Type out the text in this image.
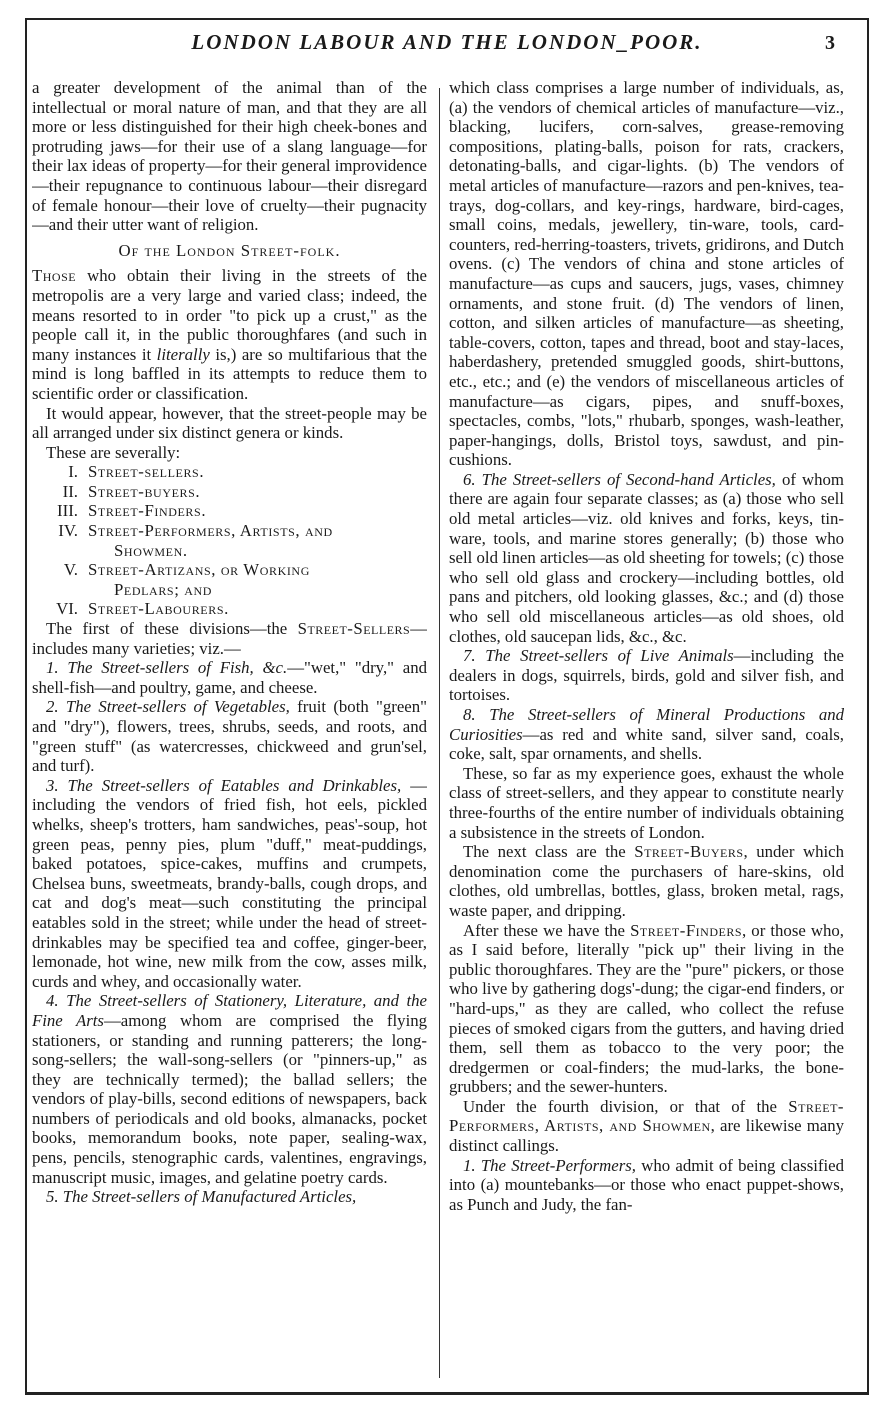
LONDON LABOUR AND THE LONDON_POOR.	3

a greater development of the animal than of the intellectual or moral nature of man, and that they are all more or less distinguished for their high cheek-bones and protruding jaws—for their use of a slang language—for their lax ideas of property—for their general improvidence—their repugnance to continuous labour—their disregard of female honour—their love of cruelty—their pugnacity—and their utter want of religion.

Of the London Street-folk.

Those who obtain their living in the streets of the metropolis are a very large and varied class; indeed, the means resorted to in order "to pick up a crust," as the people call it, in the public thoroughfares (and such in many instances it literally is,) are so multifarious that the mind is long baffled in its attempts to reduce them to scientific order or classification.

It would appear, however, that the street-people may be all arranged under six distinct genera or kinds.

These are severally:

I. Street-sellers.
II. Street-buyers.
III. Street-Finders.
IV. Street-Performers, Artists, and
Showmen.
V. Street-Artizans, or Working
Pedlars; and
VI. Street-Labourers.

The first of these divisions—the Street-Sellers—includes many varieties; viz.—

1. The Street-sellers of Fish, &c.—"wet," "dry," and shell-fish—and poultry, game, and cheese.

2. The Street-sellers of Vegetables, fruit (both "green" and "dry"), flowers, trees, shrubs, seeds, and roots, and "green stuff" (as watercresses, chickweed and grun'sel, and turf).

3. The Street-sellers of Eatables and Drinkables, —including the vendors of fried fish, hot eels, pickled whelks, sheep's trotters, ham sandwiches, peas'-soup, hot green peas, penny pies, plum "duff," meat-puddings, baked potatoes, spice-cakes, muffins and crumpets, Chelsea buns, sweetmeats, brandy-balls, cough drops, and cat and dog's meat—such constituting the principal eatables sold in the street; while under the head of street-drinkables may be specified tea and coffee, ginger-beer, lemonade, hot wine, new milk from the cow, asses milk, curds and whey, and occasionally water.

4. The Street-sellers of Stationery, Literature, and the Fine Arts—among whom are comprised the flying stationers, or standing and running patterers; the long-song-sellers; the wall-song-sellers (or "pinners-up," as they are technically termed); the ballad sellers; the vendors of play-bills, second editions of newspapers, back numbers of periodicals and old books, almanacks, pocket books, memorandum books, note paper, sealing-wax, pens, pencils, stenographic cards, valentines, engravings, manuscript music, images, and gelatine poetry cards.

5. The Street-sellers of Manufactured Articles,

which class comprises a large number of individuals, as, (a) the vendors of chemical articles of manufacture—viz., blacking, lucifers, corn-salves, grease-removing compositions, plating-balls, poison for rats, crackers, detonating-balls, and cigar-lights. (b) The vendors of metal articles of manufacture—razors and pen-knives, tea-trays, dog-collars, and key-rings, hardware, bird-cages, small coins, medals, jewellery, tin-ware, tools, card-counters, red-herring-toasters, trivets, gridirons, and Dutch ovens. (c) The vendors of china and stone articles of manufacture—as cups and saucers, jugs, vases, chimney ornaments, and stone fruit. (d) The vendors of linen, cotton, and silken articles of manufacture—as sheeting, table-covers, cotton, tapes and thread, boot and stay-laces, haberdashery, pretended smuggled goods, shirt-buttons, etc., etc.; and (e) the vendors of miscellaneous articles of manufacture—as cigars, pipes, and snuff-boxes, spectacles, combs, "lots," rhubarb, sponges, wash-leather, paper-hangings, dolls, Bristol toys, sawdust, and pin-cushions.

6. The Street-sellers of Second-hand Articles, of whom there are again four separate classes; as (a) those who sell old metal articles—viz. old knives and forks, keys, tin-ware, tools, and marine stores generally; (b) those who sell old linen articles—as old sheeting for towels; (c) those who sell old glass and crockery—including bottles, old pans and pitchers, old looking glasses, &c.; and (d) those who sell old miscellaneous articles—as old shoes, old clothes, old saucepan lids, &c., &c.

7. The Street-sellers of Live Animals—including the dealers in dogs, squirrels, birds, gold and silver fish, and tortoises.

8. The Street-sellers of Mineral Productions and Curiosities—as red and white sand, silver sand, coals, coke, salt, spar ornaments, and shells.

These, so far as my experience goes, exhaust the whole class of street-sellers, and they appear to constitute nearly three-fourths of the entire number of individuals obtaining a subsistence in the streets of London.

The next class are the Street-Buyers, under which denomination come the purchasers of hare-skins, old clothes, old umbrellas, bottles, glass, broken metal, rags, waste paper, and dripping.

After these we have the Street-Finders, or those who, as I said before, literally "pick up" their living in the public thoroughfares. They are the "pure" pickers, or those who live by gathering dogs'-dung; the cigar-end finders, or "hard-ups," as they are called, who collect the refuse pieces of smoked cigars from the gutters, and having dried them, sell them as tobacco to the very poor; the dredgermen or coal-finders; the mud-larks, the bone-grubbers; and the sewer-hunters.

Under the fourth division, or that of the Street-Performers, Artists, and Showmen, are likewise many distinct callings.

1. The Street-Performers, who admit of being classified into (a) mountebanks—or those who enact puppet-shows, as Punch and Judy, the fan-
